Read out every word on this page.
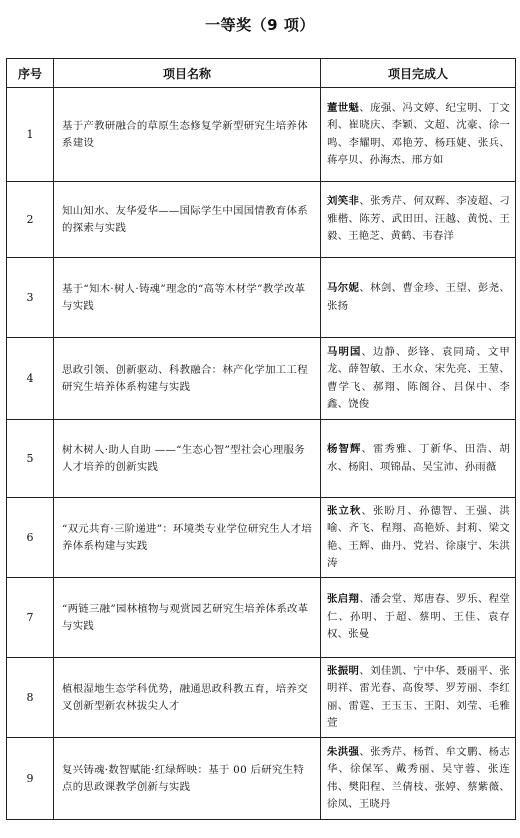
一等奖（9 项）
序号	项目名称	项目完成人
1	基于产教研融合的草原生态修复学新型研究生培养体系建设	董世魁、庞强、冯文婷、纪宝明、丁文利、崔晓庆、李颖、文超、沈豪、徐一鸣、李耀明、邓艳芳、杨珏婕、张兵、蒋亭贝、孙海杰、邢方如
2	知山知水、友华爱华——国际学生中国国情教育体系的探索与实践	刘笑非、张秀芹、何双辉、李凌超、刁雅楷、陈芳、武田田、汪越、黄悦、王毅、王艳芝、黄鹤、韦春洋
3	基于“知木·树人·铸魂”理念的“高等木材学”教学改革与实践	马尔妮、林剑、曹金珍、王望、彭尧、张扬
4	思政引领、创新驱动、科教融合：林产化学加工工程研究生培养体系构建与实践	马明国、边静、彭锋、袁同琦、文甲龙、薛智敏、王水众、宋先亮、王堃、曹学飞、郝翔、陈阁谷、吕保中、李鑫、饶俊
5	树木树人·助人自助 ——“生态心智”型社会心理服务人才培养的创新实践	杨智辉、雷秀雅、丁新华、田浩、胡水、杨阳、项锦晶、吴宝沛、孙雨薇
6	“双元共育·三阶递进”：环境类专业学位研究生人才培养体系构建与实践	张立秋、张盼月、孙德智、王强、洪喻、齐飞、程翔、高艳娇、封莉、梁文艳、王辉、曲丹、党岩、徐康宁、朱洪涛
7	“两链三融”园林植物与观赏园艺研究生培养体系改革与实践	张启翔、潘会堂、郑唐春、罗乐、程堂仁、孙明、于超、蔡明、王佳、袁存权、张曼
8	植根湿地生态学科优势，融通思政科教五育，培养交叉创新型新农林拔尖人才	张振明、刘佳凯、宁中华、聂丽平、张明祥、雷光春、高俊琴、罗芳丽、李红丽、雷霆、王玉玉、王阳、刘莹、毛雅萱
9	复兴铸魂·数智赋能·红绿辉映：基于 00 后研究生特点的思政课教学创新与实践	朱洪强、张秀芹、杨哲、牟文鹏、杨志华、徐保军、戴秀丽、吴守蓉、张连伟、樊阳程、兰倩枝、张婷、蔡紫薇、徐凤、王晓丹
